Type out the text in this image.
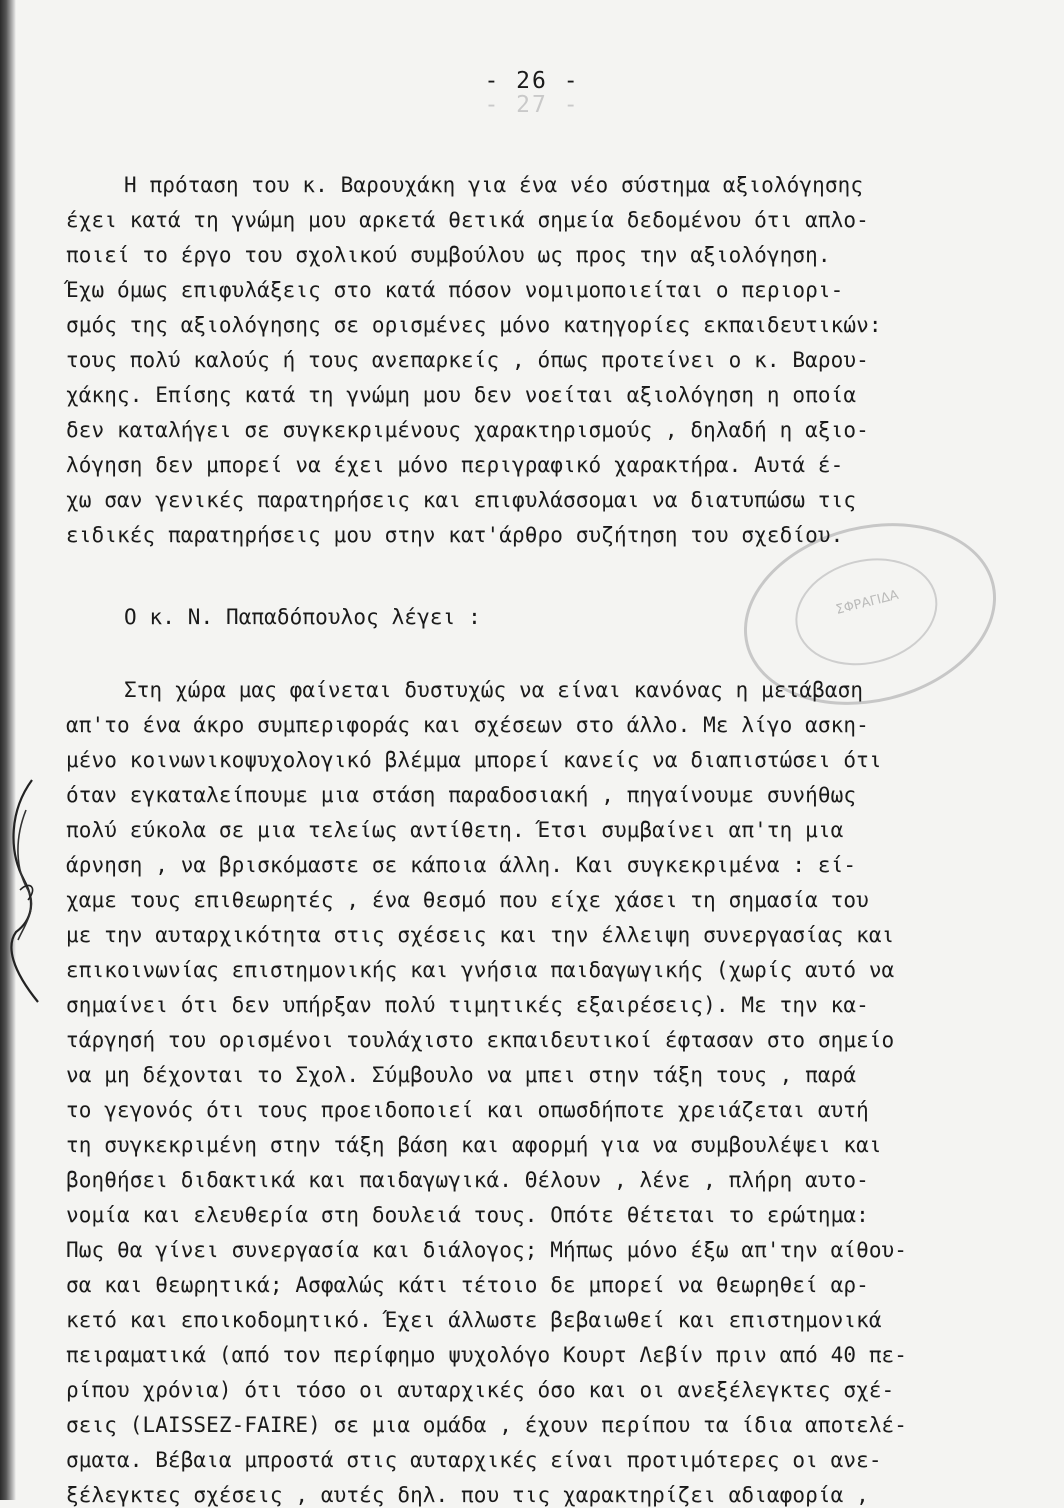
- 27 -
- 26 -
ΣΦΡΑΓΙΔΑ
Η πρόταση του κ. Βαρουχάκη για ένα νέο σύστημα αξιολόγησης
έχει κατά τη γνώμη μου αρκετά θετικά σημεία δεδομένου ότι απλο-
ποιεί το έργο του σχολικού συμβούλου ως προς την αξιολόγηση.
Έχω όμως επιφυλάξεις στο κατά πόσον νομιμοποιείται ο περιορι-
σμός της αξιολόγησης σε ορισμένες μόνο κατηγορίες εκπαιδευτικών:
τους πολύ καλούς ή τους ανεπαρκείς , όπως προτείνει ο κ. Βαρου-
χάκης. Επίσης κατά τη γνώμη μου δεν νοείται αξιολόγηση η οποία
δεν καταλήγει σε συγκεκριμένους χαρακτηρισμούς , δηλαδή η αξιο-
λόγηση δεν μπορεί να έχει μόνο περιγραφικό χαρακτήρα. Αυτά έ-
χω σαν γενικές παρατηρήσεις και επιφυλάσσομαι να διατυπώσω τις
ειδικές παρατηρήσεις μου στην κατ'άρθρο συζήτηση του σχεδίου.
Ο κ. Ν. Παπαδόπουλος λέγει :
Στη χώρα μας φαίνεται δυστυχώς να είναι κανόνας η μετάβαση
απ'το ένα άκρο συμπεριφοράς και σχέσεων στο άλλο. Με λίγο ασκη-
μένο κοινωνικοψυχολογικό βλέμμα μπορεί κανείς να διαπιστώσει ότι
όταν εγκαταλείπουμε μια στάση παραδοσιακή , πηγαίνουμε συνήθως
πολύ εύκολα σε μια τελείως αντίθετη. Έτσι συμβαίνει απ'τη μια
άρνηση , να βρισκόμαστε σε κάποια άλλη. Και συγκεκριμένα : εί-
χαμε τους επιθεωρητές , ένα θεσμό που είχε χάσει τη σημασία του
με την αυταρχικότητα στις σχέσεις και την έλλειψη συνεργασίας και
επικοινωνίας επιστημονικής και γνήσια παιδαγωγικής (χωρίς αυτό να
σημαίνει ότι δεν υπήρξαν πολύ τιμητικές εξαιρέσεις). Με την κα-
τάργησή του ορισμένοι τουλάχιστο εκπαιδευτικοί έφτασαν στο σημείο
να μη δέχονται το Σχολ. Σύμβουλο να μπει στην τάξη τους , παρά
το γεγονός ότι τους προειδοποιεί και οπωσδήποτε χρειάζεται αυτή
τη συγκεκριμένη στην τάξη βάση και αφορμή για να συμβουλέψει και
βοηθήσει διδακτικά και παιδαγωγικά. Θέλουν , λένε , πλήρη αυτο-
νομία και ελευθερία στη δουλειά τους. Οπότε θέτεται το ερώτημα:
Πως θα γίνει συνεργασία και διάλογος; Μήπως μόνο έξω απ'την αίθου-
σα και θεωρητικά; Ασφαλώς κάτι τέτοιο δε μπορεί να θεωρηθεί αρ-
κετό και εποικοδομητικό. Έχει άλλωστε βεβαιωθεί και επιστημονικά
πειραματικά (από τον περίφημο ψυχολόγο Κουρτ Λεβίν πριν από 40 πε-
ρίπου χρόνια) ότι τόσο οι αυταρχικές όσο και οι ανεξέλεγκτες σχέ-
σεις (LAISSEZ-FAIRE) σε μια ομάδα , έχουν περίπου τα ίδια αποτελέ-
σματα. Βέβαια μπροστά στις αυταρχικές είναι προτιμότερες οι ανε-
ξέλεγκτες σχέσεις , αυτές δηλ. που τις χαρακτηρίζει αδιαφορία ,
